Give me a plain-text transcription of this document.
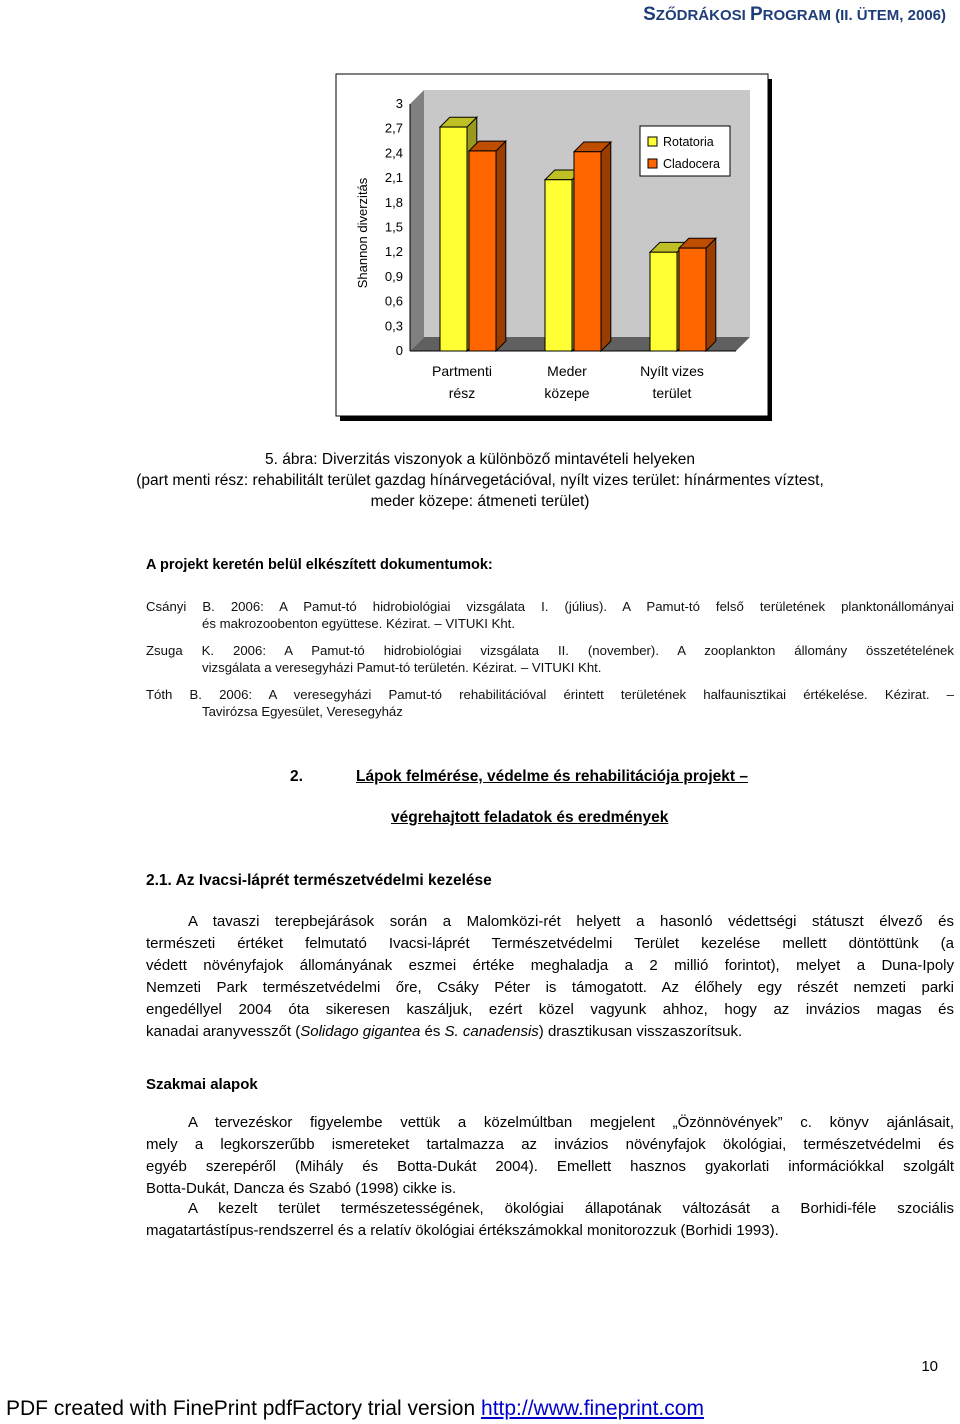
SZŐDRÁKOSI PROGRAM (II. ÜTEM, 2006)
3
2,7
2,4
2,1
1,8
1,5
1,2
0,9
0,6
0,3
0
Partmenti
rész
Meder
közepe
Nyílt vizes
terület
Shannon diverzitás
Rotatoria
Cladocera
5. ábra: Diverzitás viszonyok a különböző mintavételi helyeken
(part menti rész: rehabilitált terület gazdag hínárvegetációval, nyílt vizes terület: hínármentes víztest,
meder közepe: átmeneti terület)
A projekt keretén belül elkészített dokumentumok:
Csányi B. 2006: A Pamut-tó hidrobiológiai vizsgálata I. (július). A Pamut-tó felső területének planktonállományai
és makrozoobenton együttese. Kézirat. – VITUKI Kht.
Zsuga K. 2006: A Pamut-tó hidrobiológiai vizsgálata II. (november). A zooplankton állomány összetételének
vizsgálata a veresegyházi Pamut-tó területén. Kézirat. – VITUKI Kht.
Tóth B. 2006: A veresegyházi Pamut-tó rehabilitációval érintett területének halfaunisztikai értékelése. Kézirat. –
Tavirózsa Egyesület, Veresegyház
2.	Lápok felmérése, védelme és rehabilitációja projekt –
végrehajtott feladatok és eredmények
2.1. Az Ivacsi-láprét természetvédelmi kezelése
A tavaszi terepbejárások során a Malomközi-rét helyett a hasonló védettségi státuszt élvező és
természeti értéket felmutató Ivacsi-láprét Természetvédelmi Terület kezelése mellett döntöttünk (a
védett növényfajok állományának eszmei értéke meghaladja a 2 millió forintot), melyet a Duna-Ipoly
Nemzeti Park természetvédelmi őre, Csáky Péter is támogatott. Az élőhely egy részét nemzeti parki
engedéllyel 2004 óta sikeresen kaszáljuk, ezért közel vagyunk ahhoz, hogy az invázios magas és
kanadai aranyvesszőt (Solidago gigantea és S. canadensis) drasztikusan visszaszorítsuk.
Szakmai alapok
A tervezéskor figyelembe vettük a közelmúltban megjelent „Özönnövények” c. könyv ajánlásait,
mely a legkorszerűbb ismereteket tartalmazza az invázios növényfajok ökológiai, természetvédelmi és
egyéb szerepéről (Mihály és Botta-Dukát 2004). Emellett hasznos gyakorlati információkkal szolgált
Botta-Dukát, Dancza és Szabó (1998) cikke is.
A kezelt terület természetességének, ökológiai állapotának változását a Borhidi-féle szociális
magatartástípus-rendszerrel és a relatív ökológiai értékszámokkal monitorozzuk (Borhidi 1993).
10
PDF created with FinePrint pdfFactory trial version http://www.fineprint.com
